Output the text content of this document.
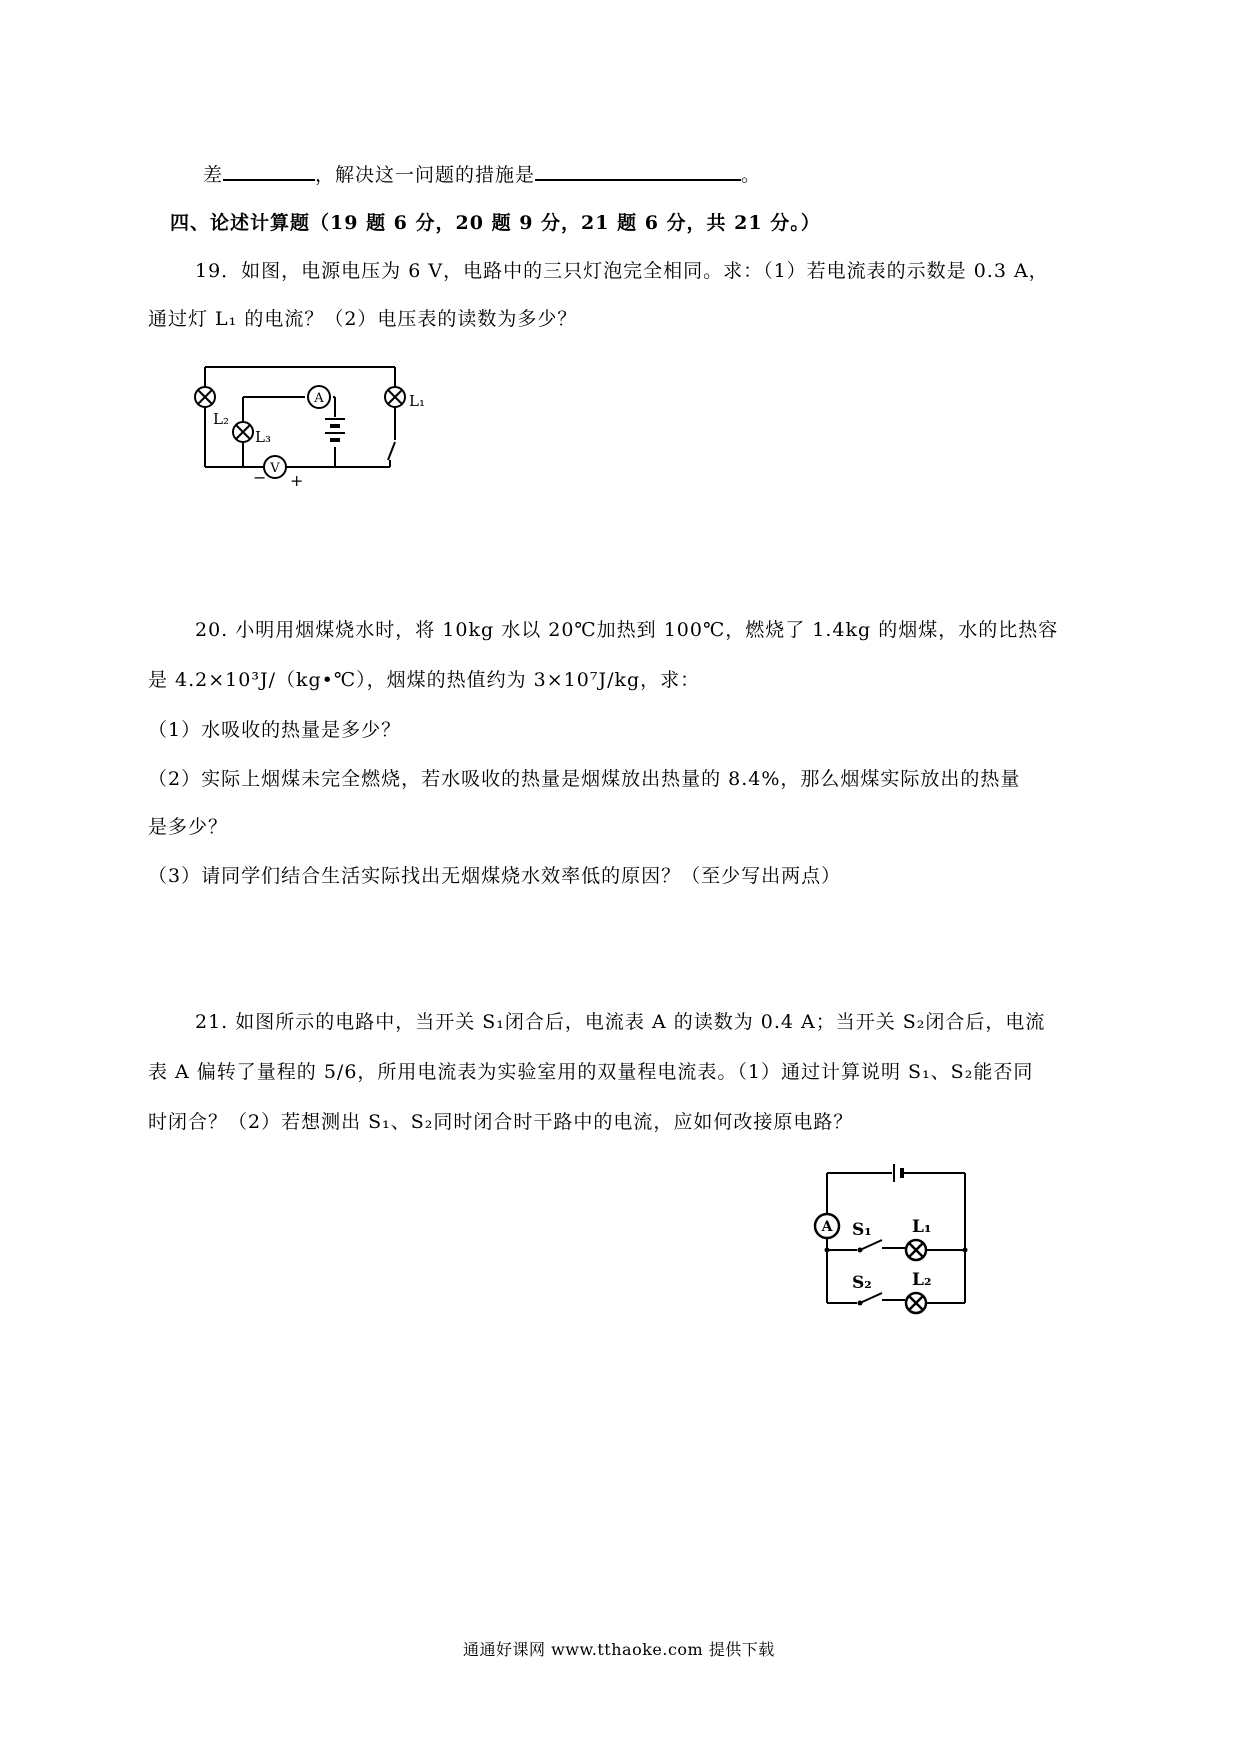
差	，解决这一问题的措施是	。
四、论述计算题（19 题 6 分，20 题 9 分，21 题 6 分，共 21 分。）
19．如图，电源电压为 6 V，电路中的三只灯泡完全相同。求：（1）若电流表的示数是 0.3 A，
通过灯 L₁ 的电流？（2）电压表的读数为多少？
A
V
L₂
L₃
L₁
− +
20. 小明用烟煤烧水时，将 10kg 水以 20℃加热到 100℃，燃烧了 1.4kg 的烟煤，水的比热容
是 4.2×10³J/（kg•℃），烟煤的热值约为 3×10⁷J/kg，求：
（1）水吸收的热量是多少？
（2）实际上烟煤未完全燃烧，若水吸收的热量是烟煤放出热量的 8.4%，那么烟煤实际放出的热量
是多少？
（3）请同学们结合生活实际找出无烟煤烧水效率低的原因？（至少写出两点）
21. 如图所示的电路中，当开关 S₁闭合后，电流表 A 的读数为 0.4 A；当开关 S₂闭合后，电流
表 A 偏转了量程的 5/6，所用电流表为实验室用的双量程电流表。（1）通过计算说明 S₁、S₂能否同
时闭合？（2）若想测出 S₁、S₂同时闭合时干路中的电流，应如何改接原电路？
A S₁
S₂
L₁
L₂
通通好课网 www.tthaoke.com 提供下载
